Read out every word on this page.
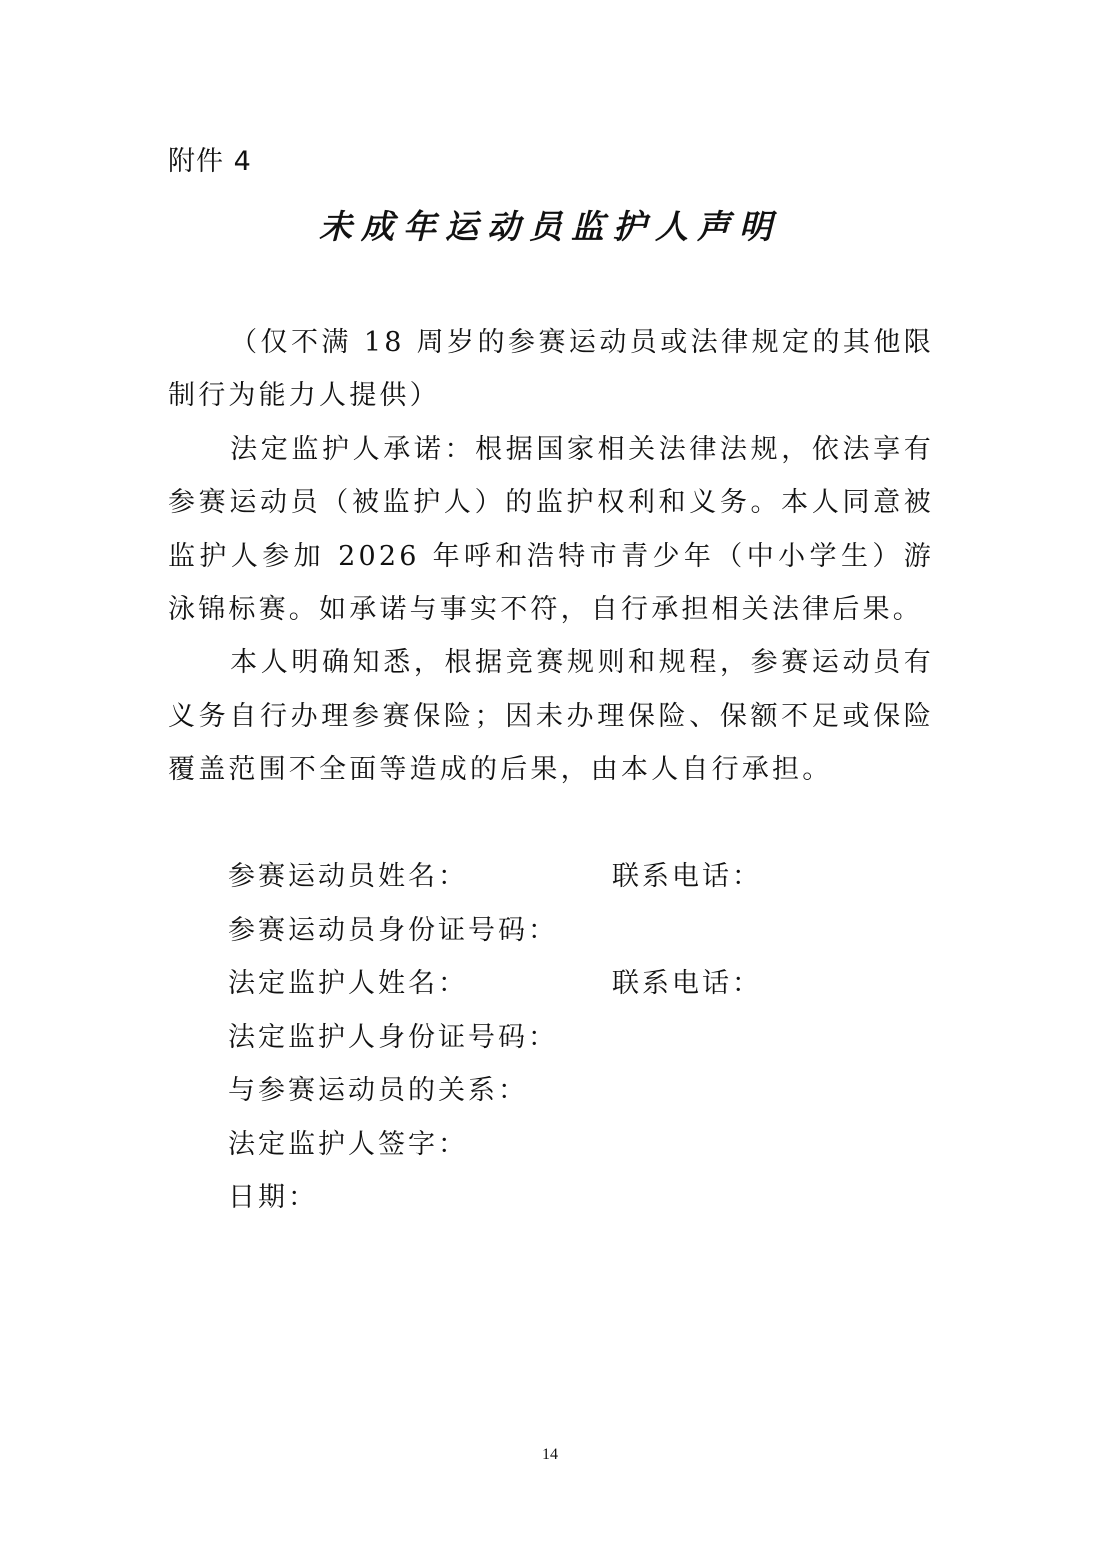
附件 4
未成年运动员监护人声明

（仅不满 18 周岁的参赛运动员或法律规定的其他限制行为能力人提供）

法定监护人承诺：根据国家相关法律法规，依法享有参赛运动员（被监护人）的监护权利和义务。本人同意被监护人参加 2026 年呼和浩特市青少年（中小学生）游泳锦标赛。如承诺与事实不符，自行承担相关法律后果。

本人明确知悉，根据竞赛规则和规程，参赛运动员有义务自行办理参赛保险；因未办理保险、保额不足或保险覆盖范围不全面等造成的后果，由本人自行承担。

参赛运动员姓名：	联系电话：
参赛运动员身份证号码：
法定监护人姓名：	联系电话：
法定监护人身份证号码：
与参赛运动员的关系：
法定监护人签字：
日期：
14
